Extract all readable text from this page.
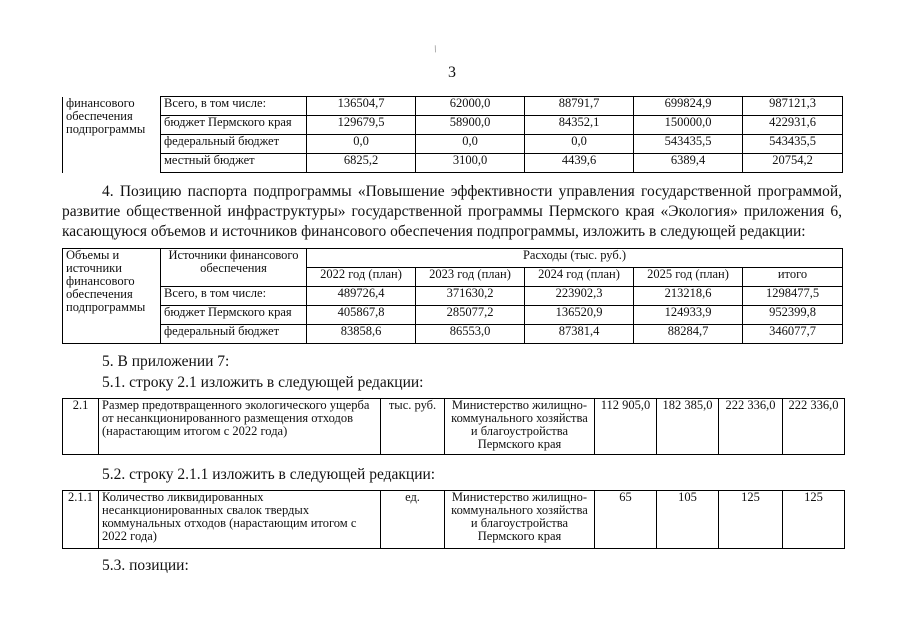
/
3
финансового обеспечения подпрограммы	Всего, в том числе:	136504,7	62000,0	88791,7	699824,9	987121,3
	бюджет Пермского края	129679,5	58900,0	84352,1	150000,0	422931,6
	федеральный бюджет	0,0	0,0	0,0	543435,5	543435,5
	местный бюджет	6825,2	3100,0	4439,6	6389,4	20754,2
4. Позицию паспорта подпрограммы «Повышение эффективности управления государственной программой, развитие общественной инфраструктуры» государственной программы Пермского края «Экология» приложения 6, касающуюся объемов и источников финансового обеспечения подпрограммы, изложить в следующей редакции:
Объемы и источники финансового обеспечения подпрограммы	Источники финансового обеспечения	Расходы (тыс. руб.)				
		2022 год (план)	2023 год (план)	2024 год (план)	2025 год (план)	итого
	Всего, в том числе:	489726,4	371630,2	223902,3	213218,6	1298477,5
	бюджет Пермского края	405867,8	285077,2	136520,9	124933,9	952399,8
	федеральный бюджет	83858,6	86553,0	87381,4	88284,7	346077,7
5. В приложении 7:
5.1. строку 2.1 изложить в следующей редакции:
2.1	Размер предотвращенного экологического ущерба от несанкционированного размещения отходов (нарастающим итогом с 2022 года)	тыс. руб.	Министерство жилищно-коммунального хозяйства и благоустройства Пермского края	112 905,0	182 385,0	222 336,0	222 336,0
5.2. строку 2.1.1 изложить в следующей редакции:
2.1.1	Количество ликвидированных несанкционированных свалок твердых коммунальных отходов (нарастающим итогом с 2022 года)	ед.	Министерство жилищно-коммунального хозяйства и благоустройства Пермского края	65	105	125	125
5.3. позиции:
